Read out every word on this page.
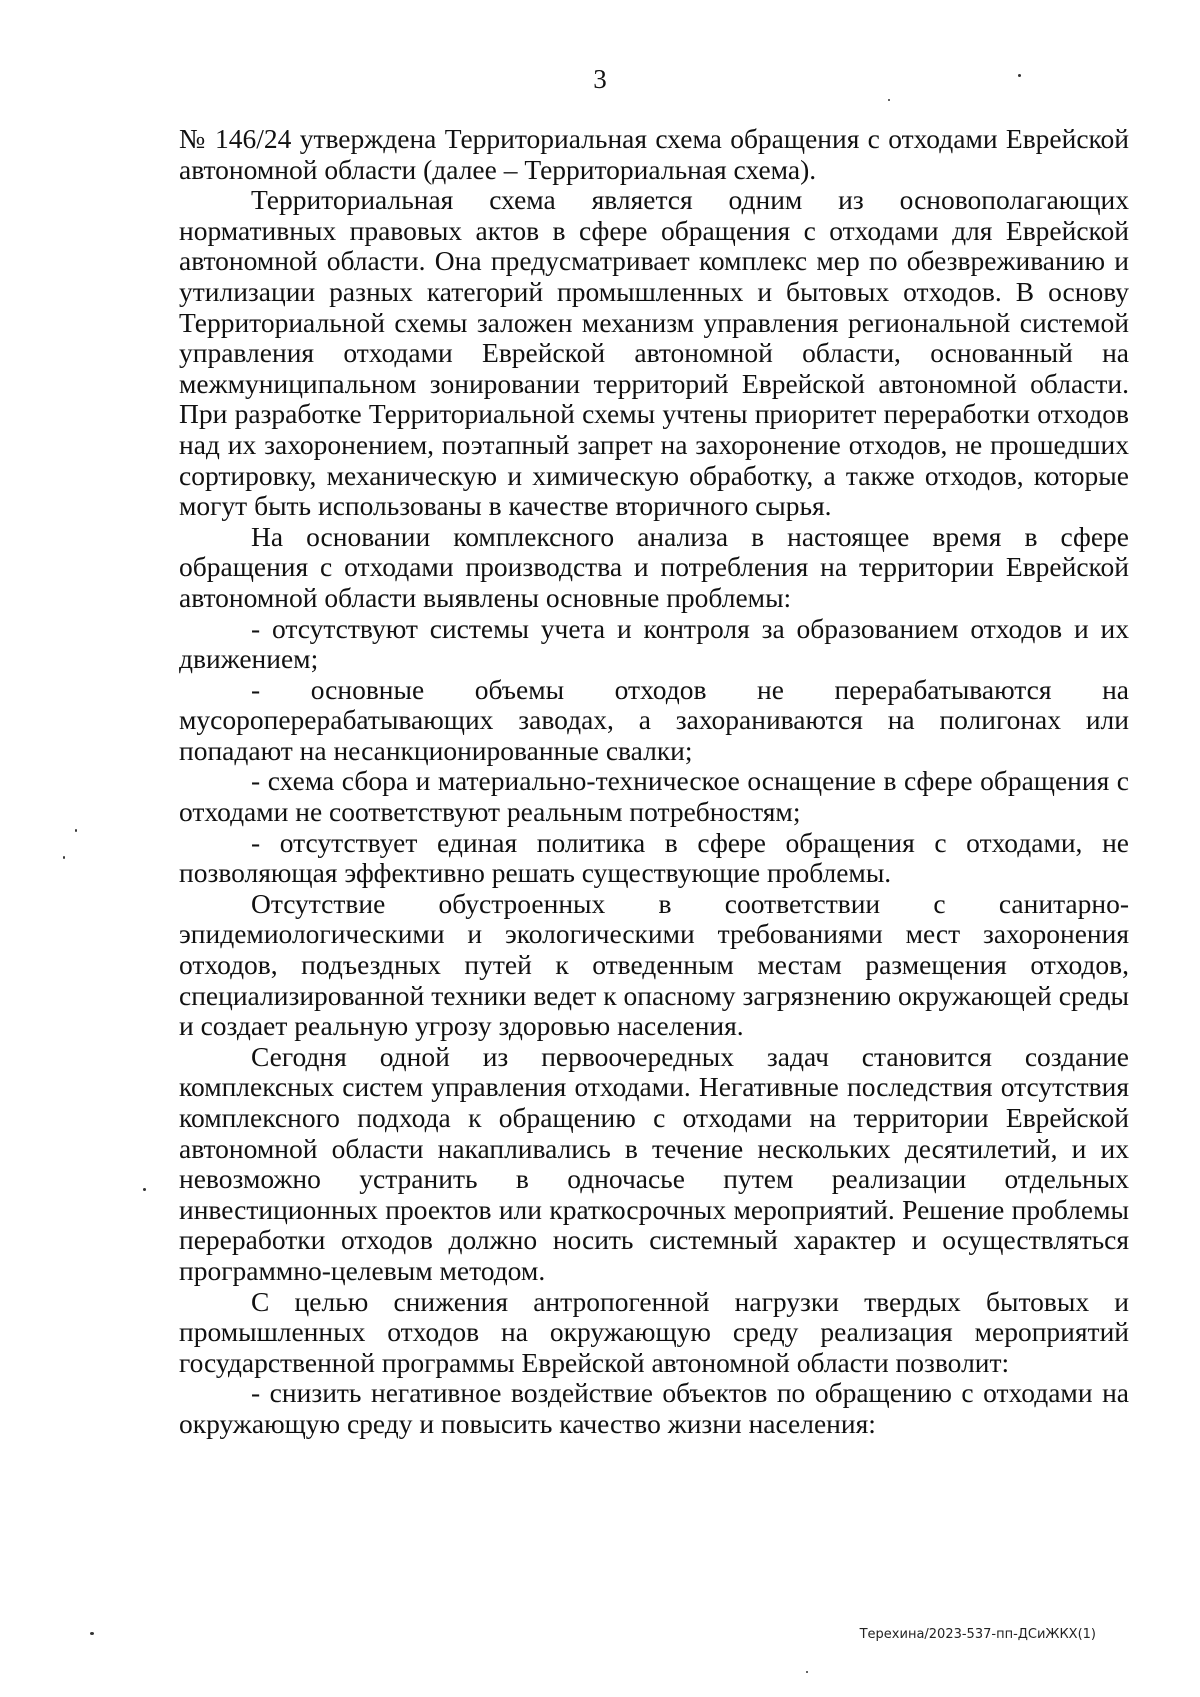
3

№ 146/24 утверждена Территориальная схема обращения с отходами Еврейской автономной области (далее – Территориальная схема).

Территориальная схема является одним из основополагающих нормативных правовых актов в сфере обращения с отходами для Еврейской автономной области. Она предусматривает комплекс мер по обезвреживанию и утилизации разных категорий промышленных и бытовых отходов. В основу Территориальной схемы заложен механизм управления региональной системой управления отходами Еврейской автономной области, основанный на межмуниципальном зонировании территорий Еврейской автономной области. При разработке Территориальной схемы учтены приоритет переработки отходов над их захоронением, поэтапный запрет на захоронение отходов, не прошедших сортировку, механическую и химическую обработку, а также отходов, которые могут быть использованы в качестве вторичного сырья.

На основании комплексного анализа в настоящее время в сфере обращения с отходами производства и потребления на территории Еврейской автономной области выявлены основные проблемы:

- отсутствуют системы учета и контроля за образованием отходов и их движением;

- основные объемы отходов не перерабатываются на мусороперерабатывающих заводах, а захораниваются на полигонах или попадают на несанкционированные свалки;

- схема сбора и материально-техническое оснащение в сфере обращения с отходами не соответствуют реальным потребностям;

- отсутствует единая политика в сфере обращения с отходами, не позволяющая эффективно решать существующие проблемы.

Отсутствие обустроенных в соответствии с санитарно-эпидемиологическими и экологическими требованиями мест захоронения отходов, подъездных путей к отведенным местам размещения отходов, специализированной техники ведет к опасному загрязнению окружающей среды и создает реальную угрозу здоровью населения.

Сегодня одной из первоочередных задач становится создание комплексных систем управления отходами. Негативные последствия отсутствия комплексного подхода к обращению с отходами на территории Еврейской автономной области накапливались в течение нескольких десятилетий, и их невозможно устранить в одночасье путем реализации отдельных инвестиционных проектов или краткосрочных мероприятий. Решение проблемы переработки отходов должно носить системный характер и осуществляться программно-целевым методом.

С целью снижения антропогенной нагрузки твердых бытовых и промышленных отходов на окружающую среду реализация мероприятий государственной программы Еврейской автономной области позволит:

- снизить негативное воздействие объектов по обращению с отходами на окружающую среду и повысить качество жизни населения:

Терехина/2023-537-пп-ДСиЖКХ(1)
